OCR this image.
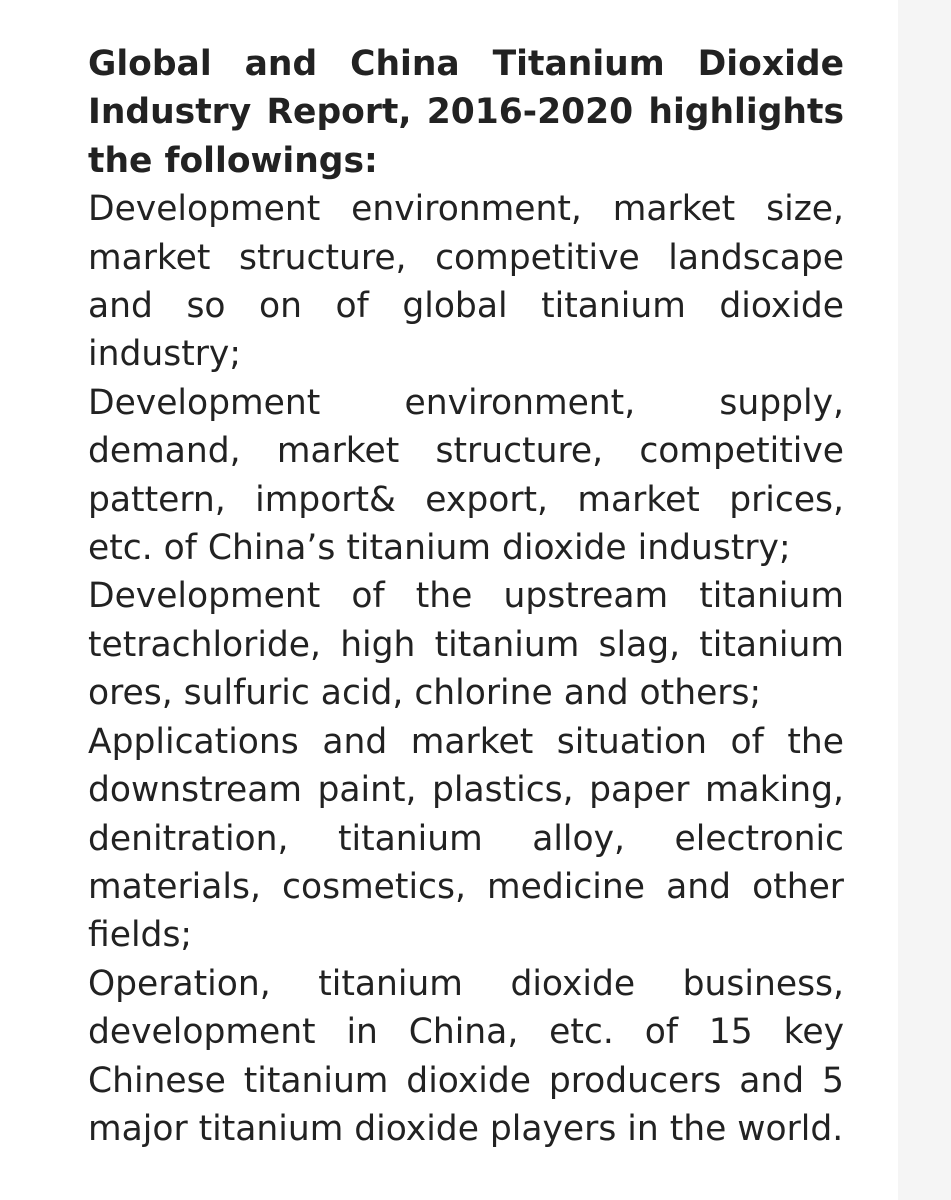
Global and China Titanium Dioxide Industry Report, 2016-2020 highlights the followings:

Development environment, market size, market structure, competitive landscape and so on of global titanium dioxide industry;

Development environment, supply, demand, market structure, competitive pattern, import& export, market prices, etc. of China’s titanium dioxide industry;

Development of the upstream titanium tetrachloride, high titanium slag, titanium ores, sulfuric acid, chlorine and others;

Applications and market situation of the downstream paint, plastics, paper making, denitration, titanium alloy, electronic materials, cosmetics, medicine and other fields;

Operation, titanium dioxide business, development in China, etc. of 15 key Chinese titanium dioxide producers and 5 major titanium dioxide players in the world.
